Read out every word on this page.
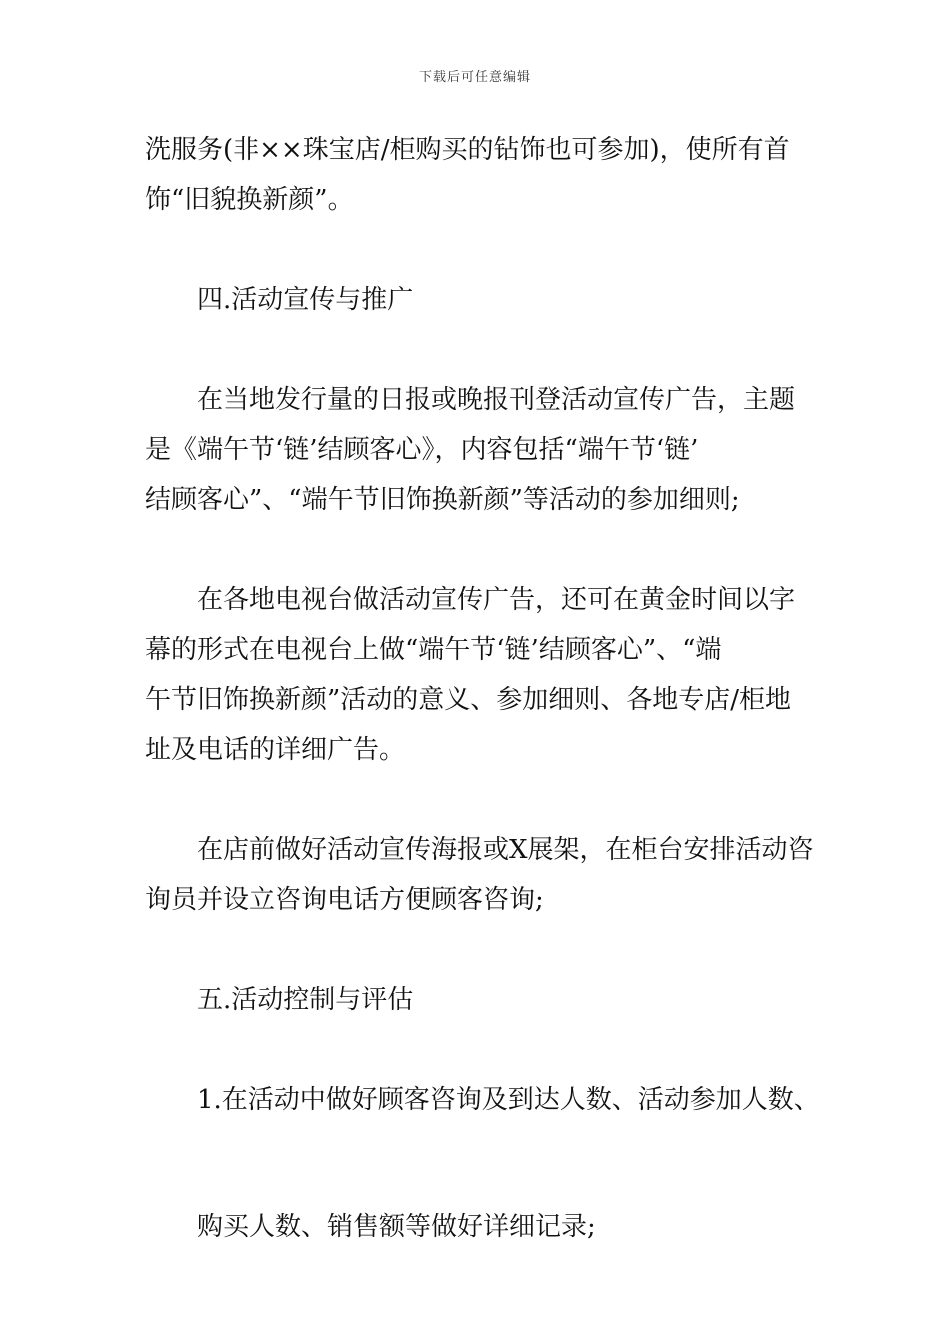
下载后可任意编辑
洗服务(非××珠宝店/柜购买的钻饰也可参加)，使所有首
饰“旧貌换新颜”。
四.活动宣传与推广
在当地发行量的日报或晚报刊登活动宣传广告，主题
是《端午节‘链’结顾客心》，内容包括“端午节‘链’
结顾客心”、“端午节旧饰换新颜”等活动的参加细则;
在各地电视台做活动宣传广告，还可在黄金时间以字
幕的形式在电视台上做“端午节‘链’结顾客心”、“端
午节旧饰换新颜”活动的意义、参加细则、各地专店/柜地
址及电话的详细广告。
在店前做好活动宣传海报或X展架，在柜台安排活动咨
询员并设立咨询电话方便顾客咨询;
五.活动控制与评估
1.在活动中做好顾客咨询及到达人数、活动参加人数、
购买人数、销售额等做好详细记录;
